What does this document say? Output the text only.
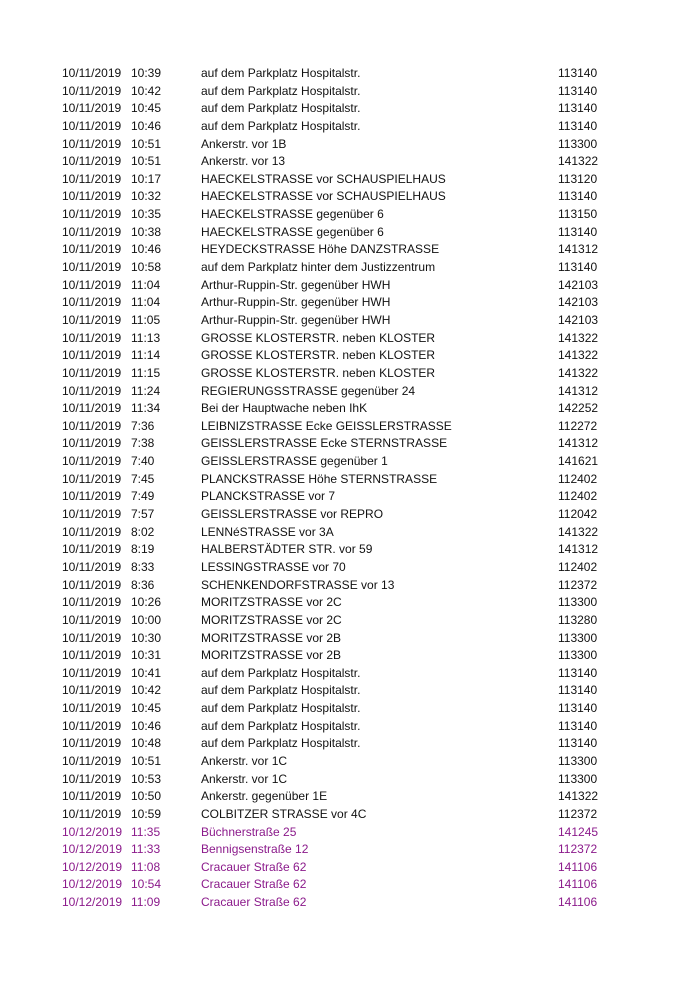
10/11/2019 10:39	auf dem Parkplatz Hospitalstr.	113140
10/11/2019 10:42	auf dem Parkplatz Hospitalstr.	113140
10/11/2019 10:45	auf dem Parkplatz Hospitalstr.	113140
10/11/2019 10:46	auf dem Parkplatz Hospitalstr.	113140
10/11/2019 10:51	Ankerstr. vor 1B	113300
10/11/2019 10:51	Ankerstr. vor 13	141322
10/11/2019 10:17	HAECKELSTRASSE vor SCHAUSPIELHAUS	113120
10/11/2019 10:32	HAECKELSTRASSE vor SCHAUSPIELHAUS	113140
10/11/2019 10:35	HAECKELSTRASSE gegenüber 6	113150
10/11/2019 10:38	HAECKELSTRASSE gegenüber 6	113140
10/11/2019 10:46	HEYDECKSTRASSE Höhe DANZSTRASSE	141312
10/11/2019 10:58	auf dem Parkplatz hinter dem Justizzentrum	113140
10/11/2019 11:04	Arthur-Ruppin-Str. gegenüber HWH	142103
10/11/2019 11:04	Arthur-Ruppin-Str. gegenüber HWH	142103
10/11/2019 11:05	Arthur-Ruppin-Str. gegenüber HWH	142103
10/11/2019 11:13	GROSSE KLOSTERSTR. neben KLOSTER	141322
10/11/2019 11:14	GROSSE KLOSTERSTR. neben KLOSTER	141322
10/11/2019 11:15	GROSSE KLOSTERSTR. neben KLOSTER	141322
10/11/2019 11:24	REGIERUNGSSTRASSE gegenüber 24	141312
10/11/2019 11:34	Bei der Hauptwache neben IhK	142252
10/11/2019 7:36	LEIBNIZSTRASSE Ecke GEISSLERSTRASSE	112272
10/11/2019 7:38	GEISSLERSTRASSE Ecke STERNSTRASSE	141312
10/11/2019 7:40	GEISSLERSTRASSE gegenüber 1	141621
10/11/2019 7:45	PLANCKSTRASSE Höhe STERNSTRASSE	112402
10/11/2019 7:49	PLANCKSTRASSE vor 7	112402
10/11/2019 7:57	GEISSLERSTRASSE vor REPRO	112042
10/11/2019 8:02	LENNéSTRASSE vor 3A	141322
10/11/2019 8:19	HALBERSTÄDTER STR. vor 59	141312
10/11/2019 8:33	LESSINGSTRASSE vor 70	112402
10/11/2019 8:36	SCHENKENDORFSTRASSE vor 13	112372
10/11/2019 10:26	MORITZSTRASSE vor 2C	113300
10/11/2019 10:00	MORITZSTRASSE vor 2C	113280
10/11/2019 10:30	MORITZSTRASSE vor 2B	113300
10/11/2019 10:31	MORITZSTRASSE vor 2B	113300
10/11/2019 10:41	auf dem Parkplatz Hospitalstr.	113140
10/11/2019 10:42	auf dem Parkplatz Hospitalstr.	113140
10/11/2019 10:45	auf dem Parkplatz Hospitalstr.	113140
10/11/2019 10:46	auf dem Parkplatz Hospitalstr.	113140
10/11/2019 10:48	auf dem Parkplatz Hospitalstr.	113140
10/11/2019 10:51	Ankerstr. vor 1C	113300
10/11/2019 10:53	Ankerstr. vor 1C	113300
10/11/2019 10:50	Ankerstr. gegenüber 1E	141322
10/11/2019 10:59	COLBITZER STRASSE vor 4C	112372
10/12/2019 11:35	Büchnerstraße 25	141245
10/12/2019 11:33	Bennigsenstraße 12	112372
10/12/2019 11:08	Cracauer Straße 62	141106
10/12/2019 10:54	Cracauer Straße 62	141106
10/12/2019 11:09	Cracauer Straße 62	141106
